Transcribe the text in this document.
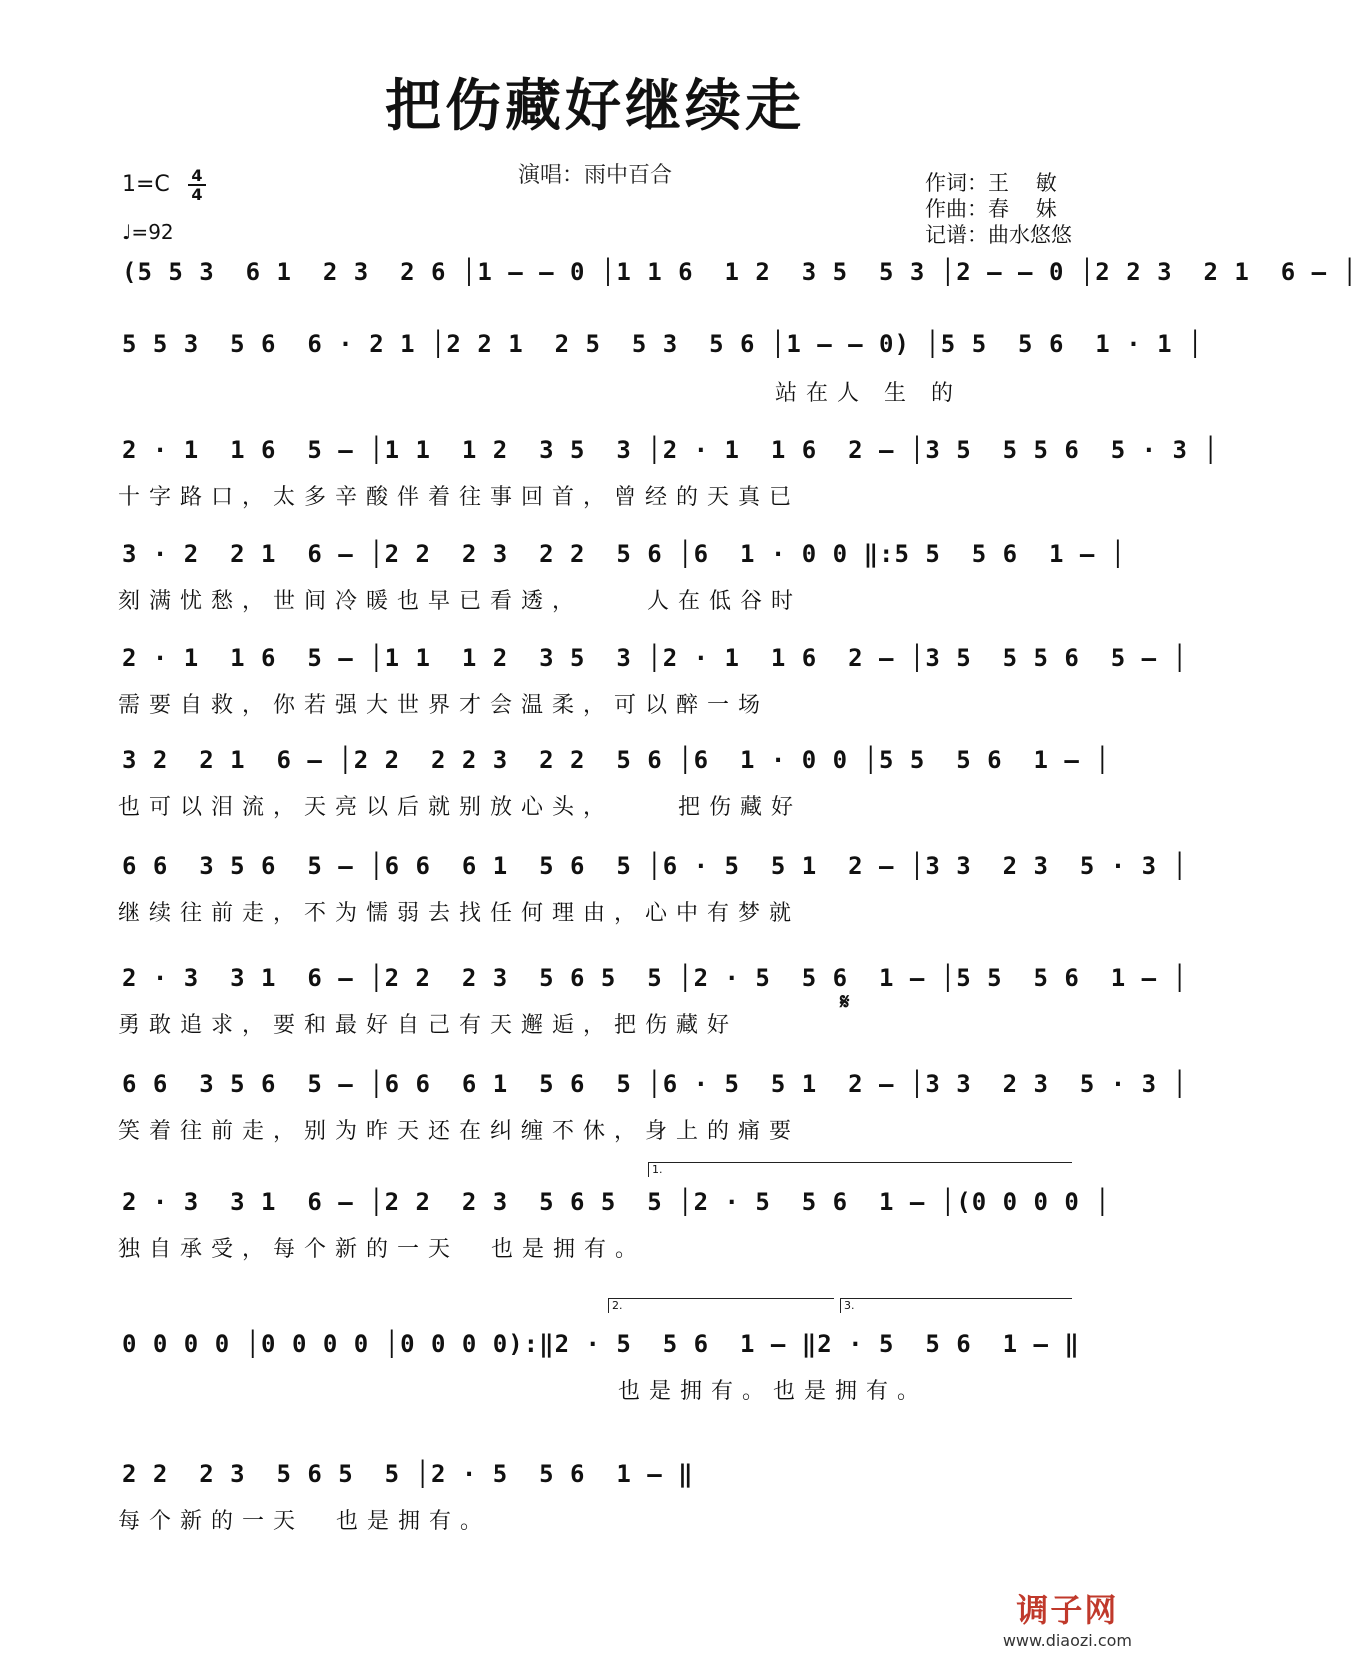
把伤藏好继续走
演唱：雨中百合
1=C 4
4
♩=92
作词：王    敏
作曲：春    妹
记谱：曲水悠悠
(5 5 3  6 1  2 3  2 6 │1 – – 0 │1 1 6  1 2  3 5  5 3 │2 – – 0 │2 2 3  2 1  6 – │
5 5 3  5 6  6 · 2 1 │2 2 1  2 5  5 3  5 6 │1 – – 0) │5 5  5 6  1 · 1 │
站在人 生 的
2 · 1  1 6  5 – │1 1  1 2  3 5  3 │2 · 1  1 6  2 – │3 5  5 5 6  5 · 3 │
十字路口，太多辛酸伴着往事回首，曾经的天真已
3 · 2  2 1  6 – │2 2  2 3  2 2  5 6 │6  1 · 0 0 ‖:5 5  5 6  1 – │
刻满忧愁，世间冷暖也早已看透，    人在低谷时
2 · 1  1 6  5 – │1 1  1 2  3 5  3 │2 · 1  1 6  2 – │3 5  5 5 6  5 – │
需要自救，你若强大世界才会温柔，可以醉一场
3 2  2 1  6 – │2 2  2 2 3  2 2  5 6 │6  1 · 0 0 │5 5  5 6  1 – │
也可以泪流，天亮以后就别放心头，    把伤藏好
6 6  3 5 6  5 – │6 6  6 1  5 6  5 │6 · 5  5 1  2 – │3 3  2 3  5 · 3 │
继续往前走，不为懦弱去找任何理由，心中有梦就
𝄋
2 · 3  3 1  6 – │2 2  2 3  5 6 5  5 │2 · 5  5 6  1 – │5 5  5 6  1 – │
勇敢追求，要和最好自己有天邂逅，把伤藏好
6 6  3 5 6  5 – │6 6  6 1  5 6  5 │6 · 5  5 1  2 – │3 3  2 3  5 · 3 │
笑着往前走，别为昨天还在纠缠不休，身上的痛要
1.
2 · 3  3 1  6 – │2 2  2 3  5 6 5  5 │2 · 5  5 6  1 – │(0 0 0 0 │
独自承受，每个新的一天  也是拥有。
2.	3.
0 0 0 0 │0 0 0 0 │0 0 0 0):‖2 · 5  5 6  1 – ‖2 · 5  5 6  1 – ‖
也是拥有。也是拥有。
2 2  2 3  5 6 5  5 │2 · 5  5 6  1 – ‖
每个新的一天  也是拥有。
调子网
www.diaozi.com
